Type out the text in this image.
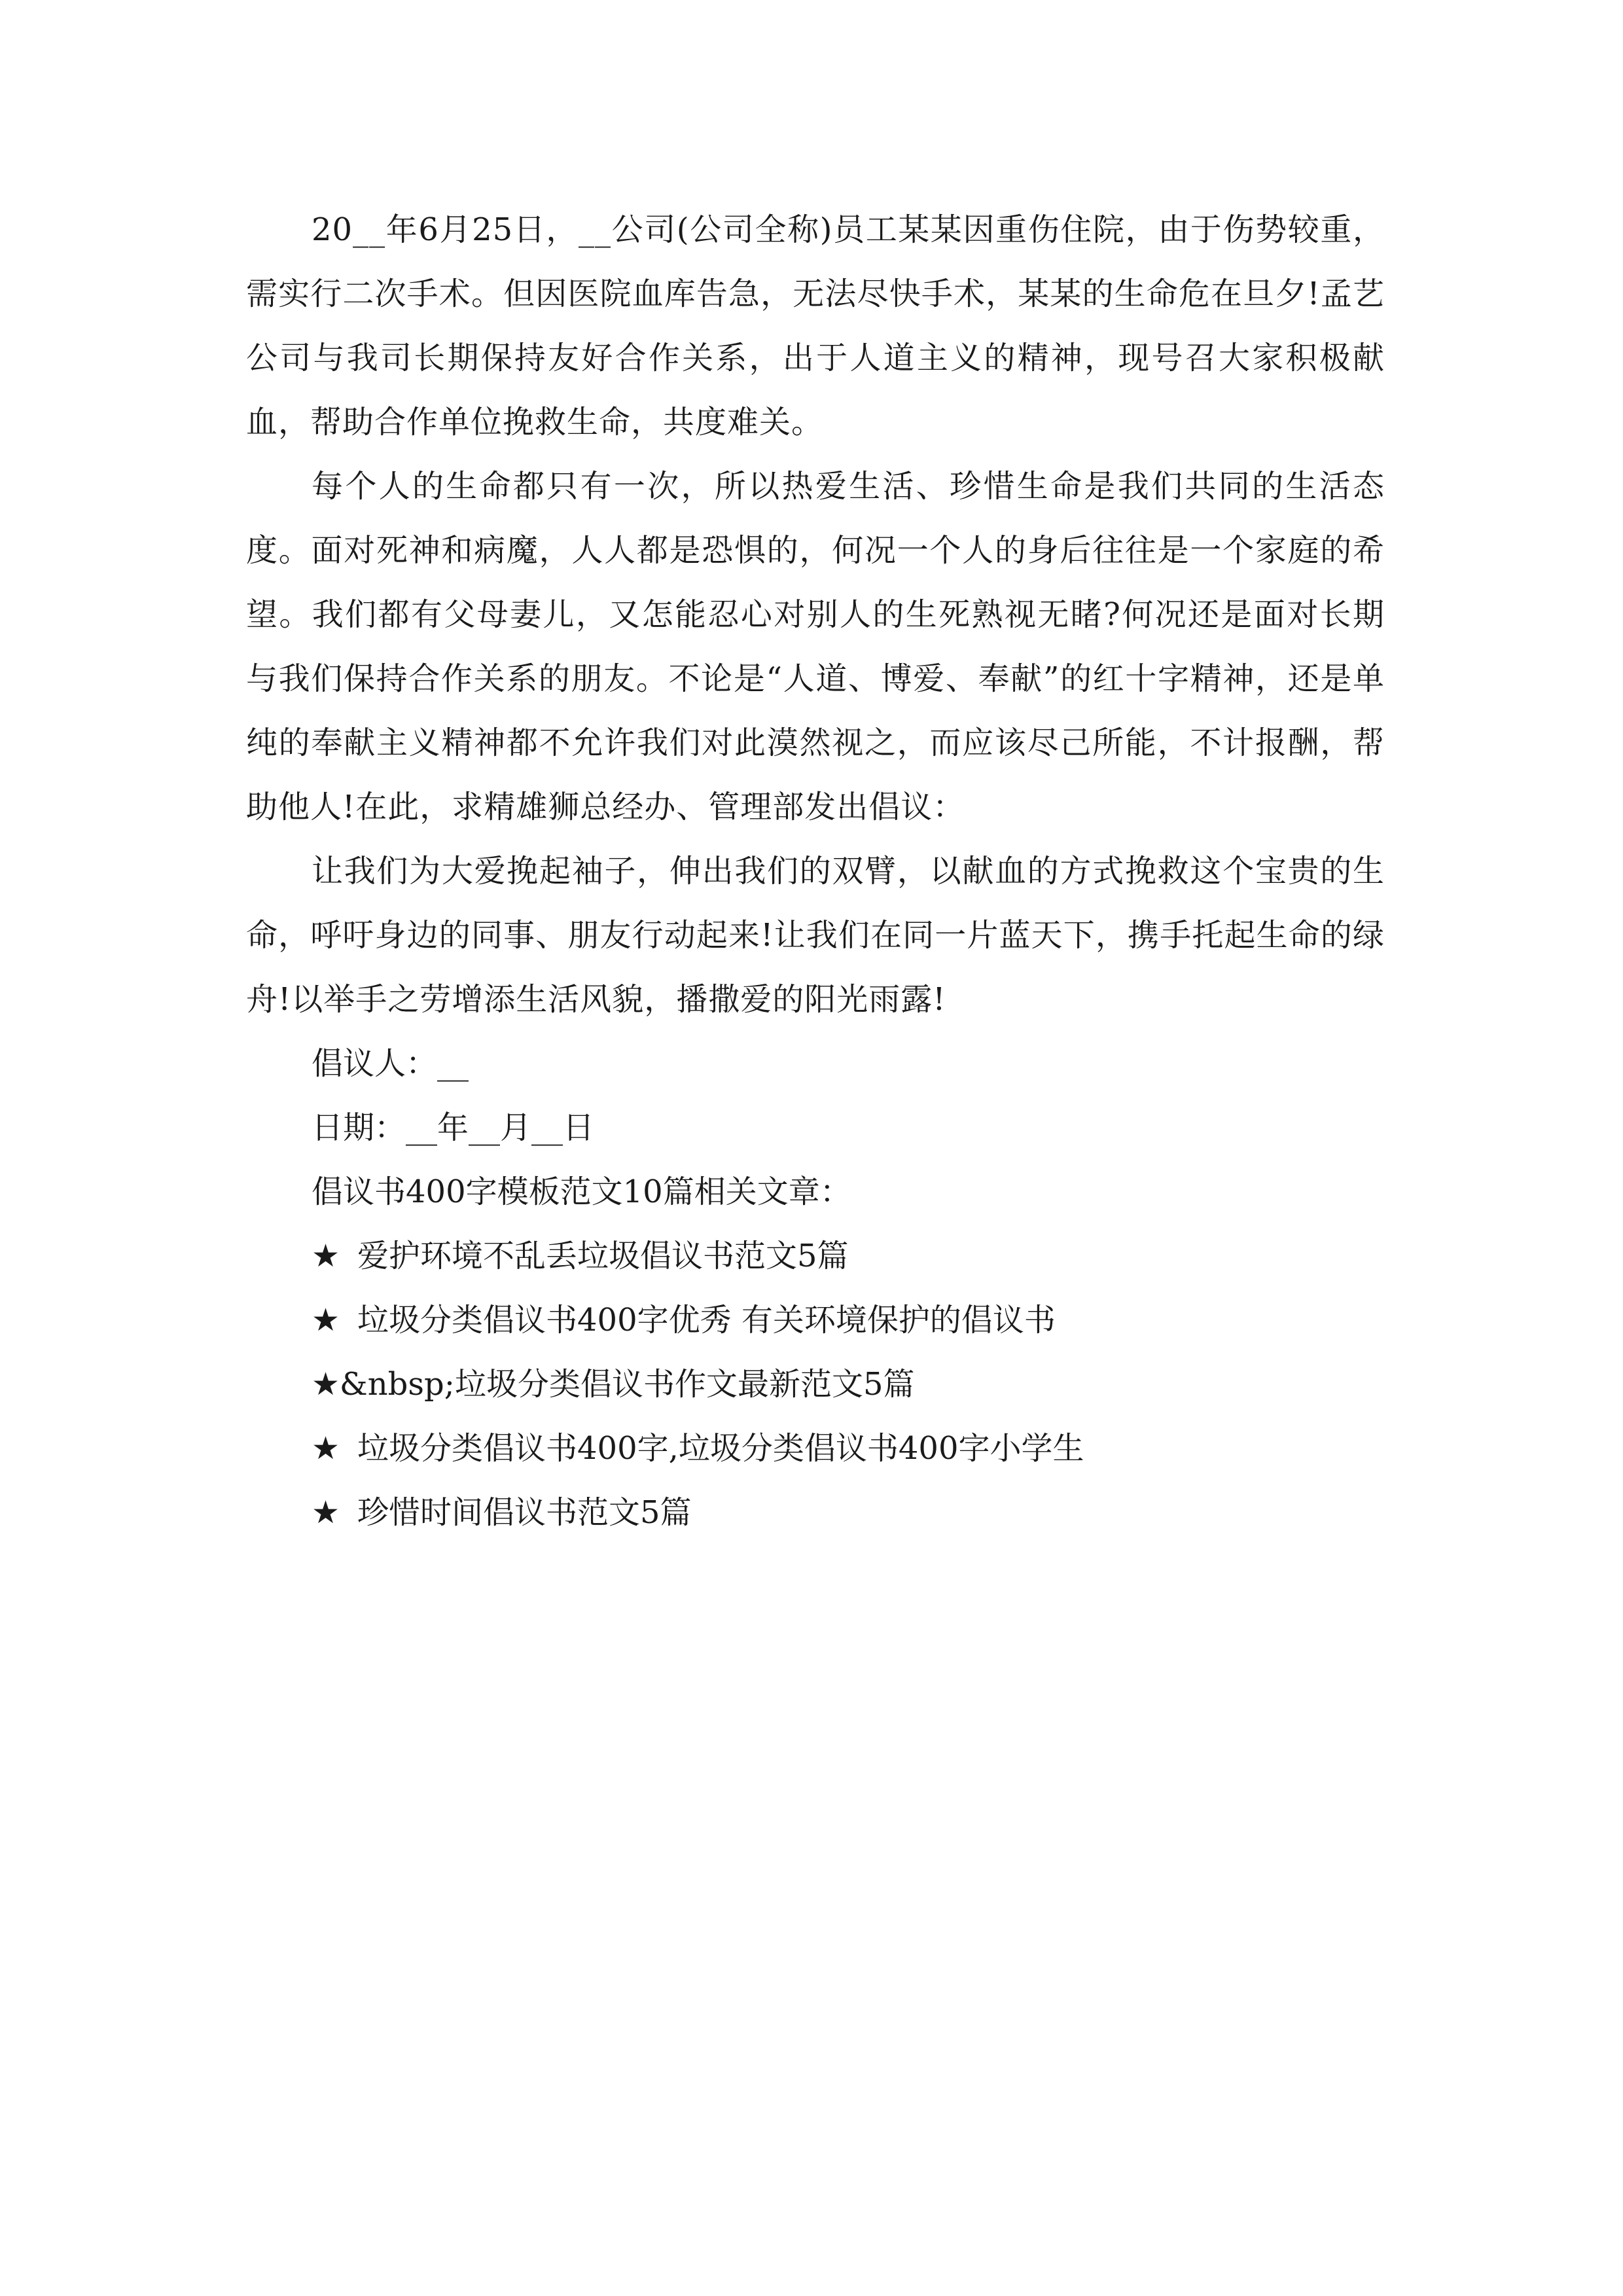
20__年6月25日，__公司(公司全称)员工某某因重伤住院，由于伤势较重，需实行二次手术。但因医院血库告急，无法尽快手术，某某的生命危在旦夕!孟艺公司与我司长期保持友好合作关系，出于人道主义的精神，现号召大家积极献血，帮助合作单位挽救生命，共度难关。

每个人的生命都只有一次，所以热爱生活、珍惜生命是我们共同的生活态度。面对死神和病魔，人人都是恐惧的，何况一个人的身后往往是一个家庭的希望。我们都有父母妻儿，又怎能忍心对别人的生死熟视无睹?何况还是面对长期与我们保持合作关系的朋友。不论是“人道、博爱、奉献”的红十字精神，还是单纯的奉献主义精神都不允许我们对此漠然视之，而应该尽己所能，不计报酬，帮助他人!在此，求精雄狮总经办、管理部发出倡议：

让我们为大爱挽起袖子，伸出我们的双臂，以献血的方式挽救这个宝贵的生命，呼吁身边的同事、朋友行动起来!让我们在同一片蓝天下，携手托起生命的绿舟!以举手之劳增添生活风貌，播撒爱的阳光雨露!

倡议人：__

日期：__年__月__日

倡议书400字模板范文10篇相关文章：

★ 爱护环境不乱丢垃圾倡议书范文5篇
★ 垃圾分类倡议书400字优秀 有关环境保护的倡议书
★&nbsp;垃圾分类倡议书作文最新范文5篇
★ 垃圾分类倡议书400字,垃圾分类倡议书400字小学生
★ 珍惜时间倡议书范文5篇
